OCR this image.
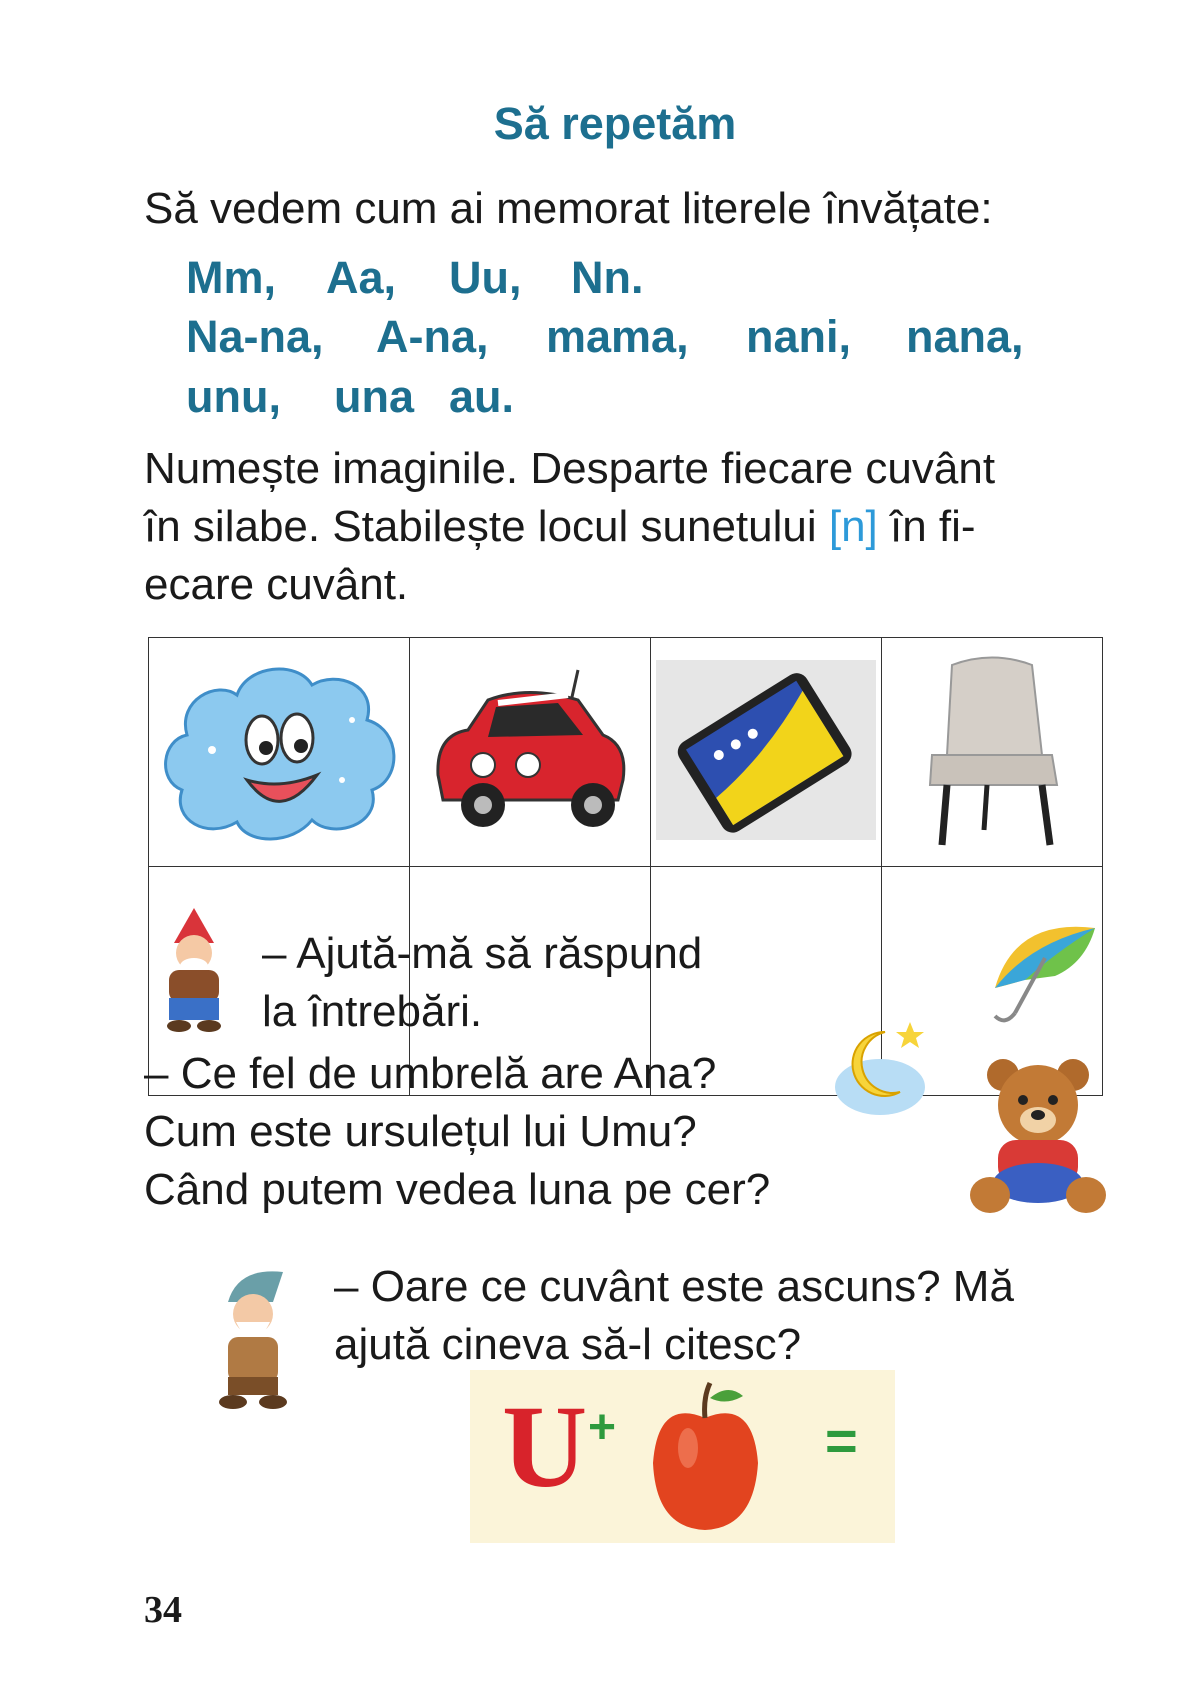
Să repetăm
Să vedem cum ai memorat literele învățate:
Mm, Aa, Uu, Nn.
Na-na, A-na, mama, nani, nana,
unu, una au.
Numește imaginile. Desparte fiecare cuvânt
în silabe. Stabilește locul sunetului [n] în fi-
ecare cuvânt.

– Ajută-mă să răspund
la întrebări.
– Ce fel de umbrelă are Ana?
Cum este ursulețul lui Umu?
Când putem vedea luna pe cer?
– Oare ce cuvânt este ascuns? Mă
ajută cineva să-l citesc?
U +	=
34
